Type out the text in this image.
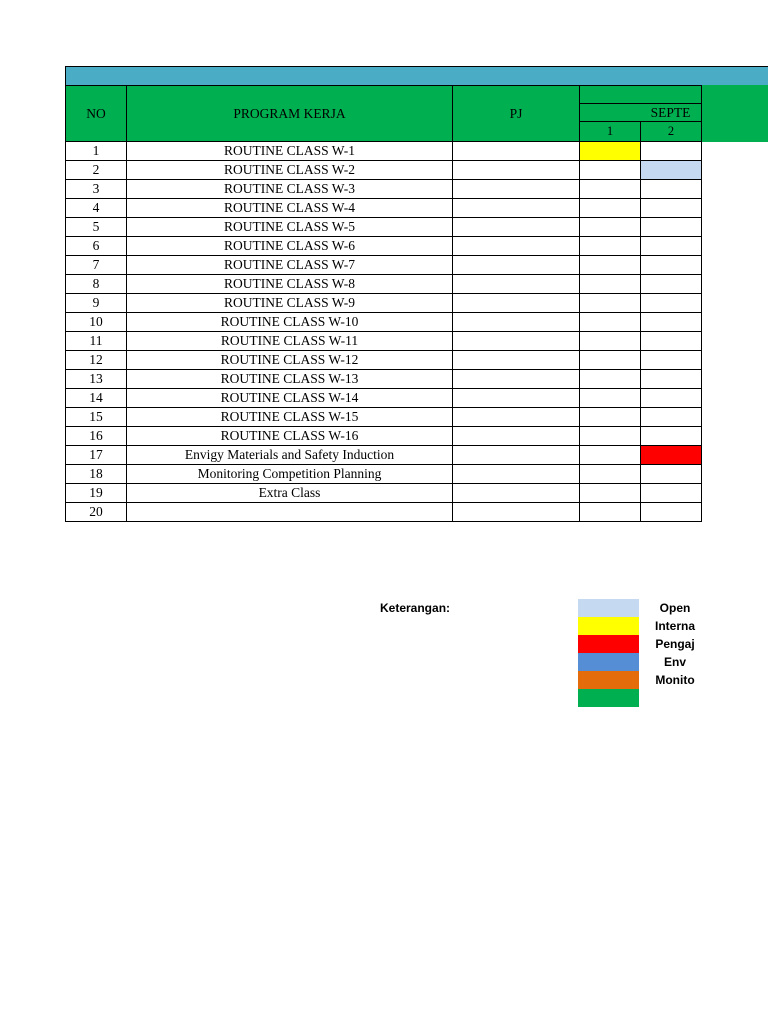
NO	PROGRAM KERJA	PJ		
			SEPTE	
			1	2
1	ROUTINE CLASS W-1			
2	ROUTINE CLASS W-2			
3	ROUTINE CLASS W-3			
4	ROUTINE CLASS W-4			
5	ROUTINE CLASS W-5			
6	ROUTINE CLASS W-6			
7	ROUTINE CLASS W-7			
8	ROUTINE CLASS W-8			
9	ROUTINE CLASS W-9			
10	ROUTINE CLASS W-10			
11	ROUTINE CLASS W-11			
12	ROUTINE CLASS W-12			
13	ROUTINE CLASS W-13			
14	ROUTINE CLASS W-14			
15	ROUTINE CLASS W-15			
16	ROUTINE CLASS W-16			
17	Envigy Materials and Safety Induction			
18	Monitoring Competition Planning			
19	Extra Class			
20				
Keterangan:	Open
Interna
Pengaj
Env
Monito
